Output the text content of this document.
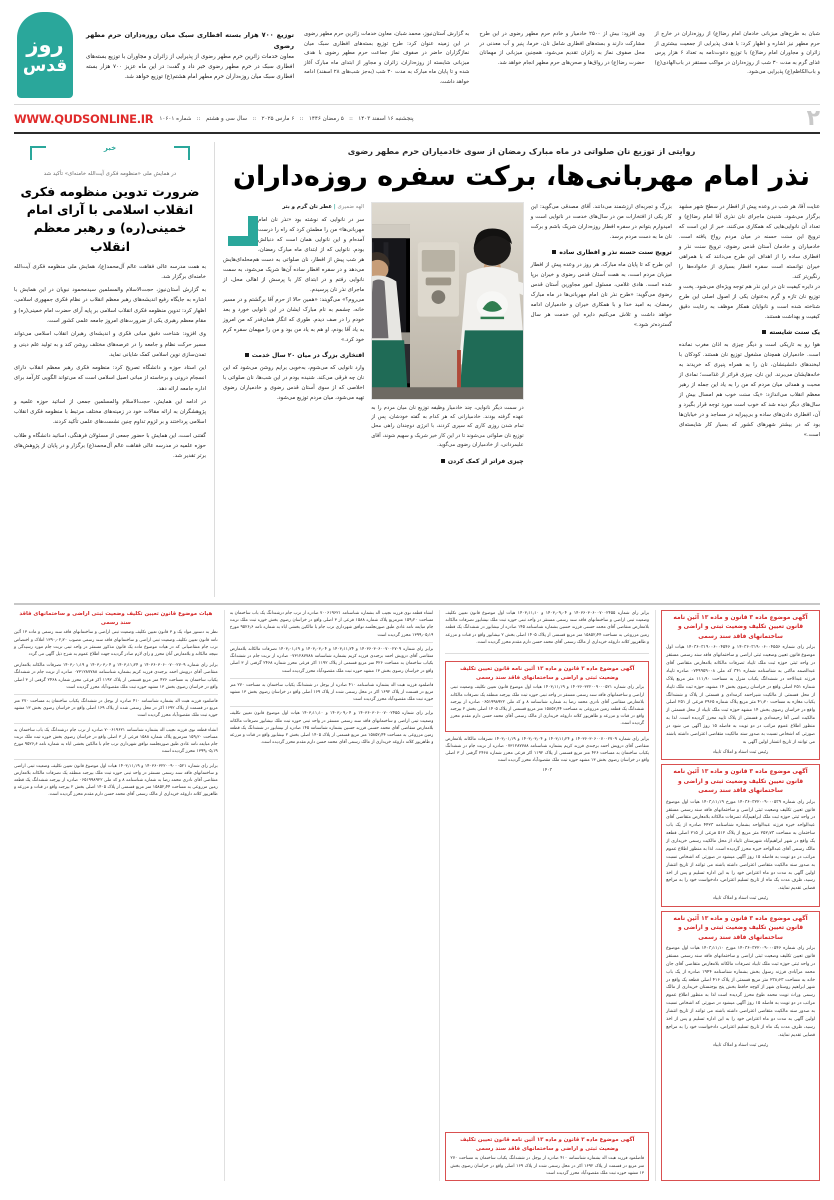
شبان به طرح‌های میزبانی خادمان امام رضا(ع) از روزه‌داران در خارج از حرم مطهر نیز اشاره و اظهار کرد: با هدف پذیرایی از جمعیت بیشتری از زائران و مجاوران امام رضا(ع) با توزیع دعوت‌نامه به تعداد ۶ هزار پرس غذای گرم به مدت ۳۰ شب از روزه‌داران در مواکب مستقر در باب‌الهادی(ع) و باب‌الکاظم(ع) پذیرایی می‌شود.
وی افزود: بیش از ۲۵۰۰ خادمیار و خادم حرم مطهر رضوی در این طرح مشارکت دارند و بسته‌های افطاری شامل نان، خرما، پنیر و آب معدنی در محل صفوف نماز به زائران تقدیم می‌شود. همچنین میزبانی از مهمانان حضرت رضا(ع) در رواق‌ها و صحن‌های حرم مطهر انجام خواهد شد.
به گزارش آستان‌نیوز، محمد شبان، معاون خدمات زائرین حرم مطهر رضوی در این زمینه عنوان کرد: طرح توزیع بسته‌های افطاری سبک میان نمازگزاران حاضر در صفوف نماز جماعت حرم مطهر رضوی با هدف میزبانی شایسته از روزه‌داران، زائران و مجاور از ابتدای ماه مبارک آغاز شده و تا پایان ماه مبارک به مدت ۳۰ شب (به‌جز شب‌های ۲۸ اسفند) ادامه خواهد داشت.
توزیع ۷۰۰ هزار بسته افطاری سبک میان روزه‌داران حرم مطهر رضوی
معاون خدمات زائرین حرم مطهر رضوی از پذیرایی از زائران و مجاوران با توزیع بسته‌های افطاری سبک در حرم مطهر رضوی خبر داد و گفت: در این ماه عزیز ۷۰۰ هزار بسته افطاری سبک میان روزه‌داران حرم مطهر امام هشتم(ع) توزیع خواهد شد.
روز
قدس
۲
پنجشنبه ۱۶ اسفند ۱۴۰۳   ::   ۵ رمضان ۱۴۴۶   ::   ۶ مارس ۲۰۲۵   ::   سال سی و هشتم   ::   شماره ۱۰۶۰۱
WWW.QUDSONLINE.IR
روایتی از توزیع نان صلواتی در ماه مبارک رمضان از سوی خادمیاران حرم مطهر رضوی
نذر امام مهربانی‌ها، برکت سفره روزه‌داران
عنایت آقا، هر شب در وعده پیش از افطار در سطح شهر مشهد برگزار می‌شود. شنیدن ماجرای نان نذری آقا امام رضا(ع) و تعداد آن نانوایی‌هایی که همکاری می‌کنند، خبر از این است که ترویج این سنت حسنه در میان مردم رواج یافته است. خادمیاران و خادمان آستان قدس رضوی، ترویج سنت نذر و افطاری ساده را از اهداف این طرح می‌دانند که با همراهی خیران توانسته است سفره افطار بسیاری از خانواده‌ها را رنگین‌تر کند.
در دایره کیفیت نان در این نذر هم توجه ویژه‌ای می‌شود. پخت و توزیع نان تازه و گرم به‌عنوان یکی از اصول اصلی این طرح شناخته شده است و نانوایان همکار موظف به رعایت دقیق کیفیت و بهداشت هستند.
یک سنت شایسته
هوا رو به تاریکی است و دیگر چیزی به اذان مغرب نمانده است. خادمیاران همچنان مشغول توزیع نان هستند. کودکان با لبخندهای دلنشینشان، نان را به همراه پنیری که خریدند به خانه‌هایشان می‌برند. این نان، چیزی فراتر از غذاست؛ نمادی از محبت و همدلی میان مردم که من را به یاد این جمله از رهبر معظم انقلاب می‌اندازد: «یک سنت خوب هم امسال بیش از سال‌های دیگر دیده شد که خوب است مورد توجه قرار بگیرد و آن، افطاری دادن‌های ساده و بی‌پیرایه در مساجد و در خیابان‌ها بود که در بیشتر شهرهای کشور که بسیار کار شایسته‌ای است.»
بزرگ و تجربه‌ای ارزشمند می‌دانند. آقای مصدقی می‌گوید: این کار یکی از افتخارات من در سال‌های خدمت در نانوایی است و امیدوارم بتوانم در سفره افطار روزه‌داران شریک باشم و برکت نان ما به دست مردم برسد.
ترویج سنت حسنه نذر و افطاری ساده
این طرح که تا پایان ماه مبارک، هر روز در وعده پیش از افطار میزبان مردم است، به همت آستان قدس رضوی و خیران برپا شده است. هادی غلامی، مسئول امور مجاورین آستان قدس رضوی می‌گوید: «طرح نذر نان امام مهربانی‌ها در ماه مبارک رمضان، به امید خدا و با همکاری خیران و خادمیاران ادامه خواهد داشت و تلاش می‌کنیم دایره این خدمت هر سال گسترده‌تر شود.»
در سمت دیگر نانوایی، چند خادمیار وظیفه توزیع نان میان مردم را به عهده گرفته بودند. خادمیارانی که هر کدام به گفته خودشان، پس از تمام شدن روزی کاری که سپری کردند، با انرژی دوچندان راهی محل توزیع نان صلواتی می‌شوند تا در این کار خیر شریک و سهیم شوند، آقای علیمردانی، از خادمیاران رضوی می‌گوید.
چیزی فراتر از کمک کردن
الهه ضمیری | عطر نان گرم و بتر
سر در نانوایی که نوشته بود «نذر نان امام مهربانی‌ها» من را مطمئن کرد که راه را درست آمده‌ام و این نانوایی همان است که دنبالش بودم. نانوایی که از ابتدای ماه مبارک رمضان، هر شب پیش از افطار، نان صلواتی به دست هم‌محله‌ای‌هایش می‌دهد و در سفره افطار ساده آن‌ها شریک می‌شود، به سمت نانوایی رفتم و در ابتدای کار با پرسش از اهالی محل، از ماجرای نذر نان پرسیدم.
می‌روم؟» می‌گویند: «همین حالا از حرم آقا برگشتم و در مسیر خانه، چشمم به نام مبارک ایشان در این نانوایی خورد و بعد خودم را در صف دیدم. طوری که انگار همان‌قدر که من امروز به یاد آقا بودم، او هم به یاد من بود و من را میهمان سفره کرم خود کرد.»
افتخاری بزرگ در میان ۲۰ سال خدمت
وارد نانوایی که می‌شوم، به‌خوبی برایم روشن می‌شود که این نان چه فرقی می‌کند. شنیده بودم در این شب‌ها، نان صلواتی با اخلاصی که از سوی آستان قدس رضوی و خادمیاران رضوی تهیه می‌شود، میان مردم توزیع می‌شود.
خبر
در همایش ملی «منظومه فکری آیت‌الله خامنه‌ای» تأکید شد
ضرورت تدوین منظومه فکری انقلاب اسلامی با آرای امام خمینی(ره) و رهبر معظم انقلاب

به همت مدرسه عالی فقاهت عالم آل‌محمد(ع)، همایش ملی منظومه فکری آیت‌الله خامنه‌ای برگزار شد.

به گزارش آستان‌نیوز، حجت‌الاسلام والمسلمین سیدمحمود نبویان در این همایش با اشاره به جایگاه رفیع اندیشه‌های رهبر معظم انقلاب در نظام فکری جمهوری اسلامی، اظهار کرد: تدوین منظومه فکری انقلاب اسلامی بر پایه آرای حضرت امام خمینی(ره) و مقام معظم رهبری یکی از ضرورت‌های امروز جامعه علمی کشور است.

وی افزود: شناخت دقیق مبانی فکری و اندیشه‌ای رهبران انقلاب اسلامی می‌تواند مسیر حرکت نظام و جامعه را در عرصه‌های مختلف روشن کند و به تولید علم دینی و تمدن‌سازی نوین اسلامی کمک شایانی نماید.

این استاد حوزه و دانشگاه تصریح کرد: منظومه فکری رهبر معظم انقلاب دارای انسجام درونی و برخاسته از مبانی اصیل اسلامی است که می‌تواند الگویی کارآمد برای اداره جامعه ارائه دهد.

در ادامه این همایش، حجت‌الاسلام والمسلمین جمعی از اساتید حوزه علمیه و پژوهشگران به ارائه مقالات خود در زمینه‌های مختلف مرتبط با منظومه فکری انقلاب اسلامی پرداختند و بر لزوم تداوم چنین نشست‌های علمی تأکید کردند.

گفتنی است، این همایش با حضور جمعی از مسئولان فرهنگی، اساتید دانشگاه و طلاب حوزه علمیه در مدرسه عالی فقاهت عالم آل‌محمد(ع) برگزار و در پایان از پژوهش‌های برتر تقدیر شد.

آگهی موضوع ماده ۳ قانون و ماده ۱۳ آئین نامه قانون تعیین تکلیف وضعیت ثبتی و اراضی و ساختمانهای فاقد سند رسمی
برابر رای شماره ۱۴۰۳۶۰۳۱۹۰۰۶۰۰۴۵۵۶ و ۱۴۰۳۶۰۳۱۹۰۰۶۰۰۴۵۴۶ هیات اول موضوع قانون تعیین وضعیت ثبتی اراضی و ساختمانهای فاقد سند رسمی مستقر در واحد ثبتی حوزه ثبت ملک تایباد تصرفات مالکانه بلامعارض متقاضی آقای عبدالصمد ماکنی به شناسنامه شماره ۳۴۱ کد ملی ۰۷۴۹۹۵۹۰۰۸ صادره تایباد فرزند عبدالاحد در ششدانگ یکباب منزل به مساحت ۱۱۱٫۹۰ متر مربع پلاک شماره ۲۵۱ اصلی واقع در خراسان رضوی بخش ۱۴ مشهد، حوزه ثبت ملک تایباد از محل قسمتی از مالکیت شیراحمد کرمدادی و قسمتی از پلاک و ششدانگ یکباب مغازه به مساحت ۴۱٫۲۰ متر مربع پلاک شماره ۲۹۶۵ فرعی از ۲۵۱ اصلی واقع در خراسان رضوی بخش ۱۴ مشهد حوزه ثبت ملک تایباد از محل قسمتی از مالکیت اسی آقا رحیمدادی و قسمتی از پلاک تایید محرز گردیده است. لذا به منظور اطلاع عموم مراتب در دو نوبت به فاصله ۱۵ روز آگهی می شود در صورتی که اشخاص نسبت به صدور سند مالکیت متقاضی اعتراضی داشته باشند می توانند از تاریخ انتشار اولین آگهی به
رئیس ثبت اسناد و املاک تایباد
آگهی موضوع ماده ۳ قانون و ماده ۱۳ آئین نامه قانون تعیین تکلیف وضعیت ثبتی و اراضی و ساختمانهای فاقد سند رسمی
برابر رای شماره ۱۴۰۳۶۰۳۲۲۰۰۹۰۰۰۵۳۹ مورخ ۱۴۰۳٫۱۱٫۱۹ هیات اول موضوع قانون تعیین تکلیف وضعیت ثبتی اراضی و ساختمانهای فاقد سند رسمی مستقر در واحد ثبتی حوزه ثبت ملک ابراهیم‌آباد تصرفات مالکانه بلامعارض متقاضی آقای عبدالواحد خیره فرزند عبدالواحد بشماره شناسنامه ۴۴۲۳ صادره از یک باب ساختمان به مساحت ۲۵۲٫۷۳ متر مربع از پلاک ۵۱۲ فرعی از ۲۱۵ اصلی قطعه یک واقع در شهر ابراهیم‌آباد شهرستان تایباد از محل مالکیت رسمی خریداری از مالک رسمی آقای عبدالواحد خیره محرز گردیده است. لذا به منظور اطلاع عموم مراتب در دو نوبت به فاصله ۱۵ روز آگهی میشود در صورتی که اشخاص نسبت به صدور سند مالکیت متقاضی اعتراضی داشته باشند می توانند از تاریخ انتشار اولین آگهی به مدت دو ماه اعتراض خود را به این اداره تسلیم و پس از اخذ رسید، ظرف مدت یک ماه از تاریخ تسلیم اعتراض، دادخواست خود را به مراجع قضایی تقدیم نمایند.
رئیس ثبت اسناد و املاک تایباد
آگهی موضوع ماده ۳ قانون و ماده ۱۳ آئین نامه قانون تعیین تکلیف وضعیت ثبتی و اراضی و ساختمانهای فاقد سند رسمی
برابر رای شماره ۱۴۰۳۶۰۳۲۲۰۰۹۰۰۰۵۴۶ مورخ ۱۴۰۳٫۱۱٫۱۰ هیات اول موضوع قانون تعیین تکلیف وضعیت ثبتی اراضی و ساختمانهای فاقد سند رسمی مستقر در واحد ثبتی حوزه ثبت ملک تایباد تصرفات مالکانه بلامعارض متقاضی آقای جان محمد مرآبادی فرزند رسول بخش بشماره شناسنامه ۱۹۴۴ صادره از یک باب خانه به مساحت ۲۳۸٫۶۳ متر مربع قسمتی از پلاک ۴۱۶ اصلی قطعه یک واقع در شهر ابراهیم روستای شهر از کوچه حافظ بخش پنج بوجنستان خریداری از مالک رسمی وراث نوبت محمد طوع محرز گردیده است لذا به منظور اطلاع عموم مراتب در دو نوبت به فاصله ۱۵ روز آگهی میشود در صورتی که اشخاص نسبت به صدور سند مالکیت متقاضی اعتراضی داشته باشند می توانند از تاریخ انتشار اولین آگهی به مدت دو ماه اعتراض خود را به این اداره تسلیم و پس از اخذ رسید، ظرف مدت یک ماه از تاریخ تسلیم اعتراض، دادخواست خود را به مراجع قضایی تقدیم نمایند.
رئیس ثبت اسناد و املاک تایباد
برابر رای شماره ۱۴۰۳۶۰۳۰۶۰۰۷۰۰۲۴۵۵ و ۱۴۰۳٫۰۹٫۰۴ و ۱۴۰۳٫۱۱٫۱۰ هیات اول موضوع قانون تعیین تکلیف وضعیت ثبتی اراضی و ساختمانهای فاقد سند رسمی مستقر در واحد ثبتی حوزه ثبت ملک نیشابور تصرفات مالکانه بلامعارض متقاضی آقای محمد حسنی فرزند حسین بشماره شناسنامه ۱۴۵ صادره از نیشابور در ششدانگ یک قطعه زمین مزروعی به مساحت ۱۵۸۵۲٫۴۴ متر مربع قسمتی از پلاک ۱۴۰۵ اصلی بخش ۲ نیشابور واقع در قنات و مزرعه و طاهرپور کلاته داروغه خریداری از مالک رسمی آقای محمد حسن دارم مقدم محرز گردیده است.
آگهی موضوع ماده ۳ قانون و ماده ۱۳ آئین نامه قانون تعیین تکلیف وضعیت ثبتی و اراضی و ساختمانهای فاقد سند رسمی
برابر رای شماره ۱۴۰۳۶۰۳۲۲۰۰۹۰۰۰۵۲۱ و ۱۴۰۳٫۱۱٫۱۹ هیات اول موضوع قانون تعیین تکلیف وضعیت ثبتی اراضی و ساختمانهای فاقد سند رسمی مستقر در واحد ثبتی حوزه ثبت ملک بیرجند منطقه یک تصرفات مالکانه بلامعارض متقاضی آقای نادری محمد رضا به شماره شناسنامه ۸ و کد ملی ۰۶۵۱۹۹۸۹۲۲ صادره از بیرجند ششدانگ یک قطعه زمین مزروعی به مساحت ۱۵۸۵۲٫۴۴ متر مربع قسمتی از پلاک ۱۴۰۵ اصلی بخش ۲ بیرجند واقع در قنات و مزرعه و طاهرپور کلاته داروغه خریداری از مالک رسمی آقای محمد حسن دارم مقدم محرز گردیده است.
برابر رای شماره ۱۴۰۳۶۰۳۰۶۰۰۷۰۰۲۷۰۹ و ۱۴۰۳٫۱۱٫۲۴ و ۱۴۰۳٫۰۳٫۰۴ و ۱۴۰۳٫۰۱٫۱۹ تصرفات مالکانه بلامعارض متقاضی آقای درویش احمد برجندی فرزند کریم بشماره شناسنامه ۰۷۳۱۲۸۷۷۸۸ صادره از تربت جام در ششدانگ یکباب ساختمان به مساحت ۴۲۶ متر مربع قسمتی از پلاک ۱۱۹۲ اکر فرعی محرز شماره ۲۴۶۸ گرفتی از ۳ اصلی واقع در خراسان رضوی بخش ۱۳ مشهد حوزه ثبت ملک مقصودآباد محرز گردیده است
۱۴۰۳
آگهی موضوع ماده ۳ قانون و ماده ۱۳ آئین نامه قانون تعیین تکلیف وضعیت ثبتی و اراضی و ساختمانهای فاقد سند رسمی
فاضلمود فرزند هبت اله بشماره شناسنامه ۴۱۰ صادره از بوجل در ششدانگ یکباب ساختمان به مساحت ۲۷۰ متر مربع در قسمت از پلاک ۱۶۹۲ اکر در محل رسمی شده از پلاک ۱۶۹ اصلی واقع در خراسان رضوی بخش ۱۳ مشهد حوزه ثبت ملک مقصودآباد محرز گردیده است
انشاء قطعه نوی فرزند نجیب اله بشماره شناسنامه ۷۰۰۶۱۹۶۲۱ صادره از ترب جام درشتدانگ یک باب ساختمان به مساحت ۱۵۹٫۲۰ مترمربع پلاک شماره ۱۵۸۸ فرعی از ۳ اصلی واقع در خراسان رضوی بخش خوره ثبت ملک تربت جام مبایعه نامه عادی طبق صورتجلسه توافق شهرداری ترب جام با مالکین بخشی اباء به شماره نامه ۹۵۲۶٫۶ مورخ ۱۳۹۹٫۰۵٫۱۹ محرز گردیده است
برابر رای شماره ۱۴۰۳۶۰۳۰۶۰۰۷۰۰۲۷۰۹ و ۱۴۰۳٫۱۱٫۲۴ و ۱۴۰۳٫۰۳٫۰۴ و ۱۴۰۳٫۰۱٫۱۹ تصرفات مالکانه بلامعارض متقاضی آقای درویش احمد برجندی فرزند کریم بشماره شناسنامه ۰۷۳۱۲۸۷۷۸۸ صادره از تربت جام در ششدانگ یکباب ساختمان به مساحت ۴۲۶ متر مربع قسمتی از پلاک ۱۱۹۲ اکر فرعی محرز شماره ۲۴۶۸ گرفتی از ۳ اصلی واقع در خراسان رضوی بخش ۱۳ مشهد حوزه ثبت ملک مقصودآباد محرز گردیده است
فاضلمود فرزند هبت اله بشماره شناسنامه ۴۱۰ صادره از بوجل در ششدانگ یکباب ساختمان به مساحت ۲۷۰ متر مربع در قسمت از پلاک ۱۶۹۲ اکر در محل رسمی شده از پلاک ۱۶۹ اصلی واقع در خراسان رضوی بخش ۱۳ مشهد حوزه ثبت ملک مقصودآباد محرز گردیده است
برابر رای شماره ۱۴۰۳۶۰۳۰۶۰۰۷۰۰۲۴۵۵ و ۱۴۰۳٫۰۹٫۰۴ و ۱۴۰۳٫۱۱٫۱۰ هیات اول موضوع قانون تعیین تکلیف وضعیت ثبتی اراضی و ساختمانهای فاقد سند رسمی مستقر در واحد ثبتی حوزه ثبت ملک نیشابور تصرفات مالکانه بلامعارض متقاضی آقای محمد حسنی فرزند حسین بشماره شناسنامه ۱۴۵ صادره از نیشابور در ششدانگ یک قطعه زمین مزروعی به مساحت ۱۵۸۵۲٫۴۴ متر مربع قسمتی از پلاک ۱۴۰۵ اصلی بخش ۲ نیشابور واقع در قنات و مزرعه و طاهرپور کلاته داروغه خریداری از مالک رسمی آقای محمد حسن دارم مقدم محرز گردیده است.
هیات موضوع قانون تعیین تکلیف وضعیت ثبتی اراضی و ساختمانهای فاقد سند رسمی
نظر به دستور مواد یک و ۳ قانون تعیین تکلیف وضعیت ثبتی اراضی و ساختمانهای فاقد سند رسمی و ماده ۱۳ آئین نامه قانون تعیین تکلیف وضعیت ثبتی اراضی و ساختمانهای فاقد سند رسمی مصوب ۱۳۹۰٫۰۲٫۲۰ املاک و اختصاص ترب جام متقاضیانی که در هیات موضوع ماده یک قانون مذکور مستقر در واحد ثبتی تربت جام مورد رسیدگی و نتیجه مالکانه و بلامعارض آنان محرز و رای لازم صادر گردیده جهت اطلاع عموم به شرح ذیل آگهی می گردد
برابر رای شماره ۱۴۰۳۶۰۳۰۶۰۰۷۰۰۲۷۰۹ و ۱۴۰۳٫۱۱٫۲۴ و ۱۴۰۳٫۰۳٫۰۴ و ۱۴۰۳٫۰۱٫۱۹ تصرفات مالکانه بلامعارض متقاضی آقای درویش احمد برجندی فرزند کریم بشماره شناسنامه ۰۷۳۱۲۸۷۷۸۸ صادره از تربت جام در ششدانگ یکباب ساختمان به مساحت ۴۲۶ متر مربع قسمتی از پلاک ۱۱۹۲ اکر فرعی محرز شماره ۲۴۶۸ گرفتی از ۳ اصلی واقع در خراسان رضوی بخش ۱۳ مشهد حوزه ثبت ملک مقصودآباد محرز گردیده است
فاضلمود فرزند هبت اله بشماره شناسنامه ۴۱۰ صادره از بوجل در ششدانگ یکباب ساختمان به مساحت ۲۷۰ متر مربع در قسمت از پلاک ۱۶۹۲ اکر در محل رسمی شده از پلاک ۱۶۹ اصلی واقع در خراسان رضوی بخش ۱۳ مشهد حوزه ثبت ملک مقصودآباد محرز گردیده است
انشاء قطعه نوی فرزند نجیب اله بشماره شناسنامه ۷۰۰۶۱۹۶۲۱ صادره از ترب جام درشتدانگ یک باب ساختمان به مساحت ۱۵۹٫۲۰ مترمربع پلاک شماره ۱۵۸۸ فرعی از ۳ اصلی واقع در خراسان رضوی بخش خوره ثبت ملک تربت جام مبایعه نامه عادی طبق صورتجلسه توافق شهرداری ترب جام با مالکین بخشی اباء به شماره نامه ۹۵۲۶٫۶ مورخ ۱۳۹۹٫۰۵٫۱۹ محرز گردیده است
برابر رای شماره ۱۴۰۳۶۰۳۲۲۰۰۹۰۰۰۵۲۱ و ۱۴۰۳٫۱۱٫۱۹ هیات اول موضوع قانون تعیین تکلیف وضعیت ثبتی اراضی و ساختمانهای فاقد سند رسمی مستقر در واحد ثبتی حوزه ثبت ملک بیرجند منطقه یک تصرفات مالکانه بلامعارض متقاضی آقای نادری محمد رضا به شماره شناسنامه ۸ و کد ملی ۰۶۵۱۹۹۸۹۲۲ صادره از بیرجند ششدانگ یک قطعه زمین مزروعی به مساحت ۱۵۸۵۲٫۴۴ متر مربع قسمتی از پلاک ۱۴۰۵ اصلی بخش ۲ بیرجند واقع در قنات و مزرعه و طاهرپور کلاته داروغه خریداری از مالک رسمی آقای محمد حسن دارم مقدم محرز گردیده است.
